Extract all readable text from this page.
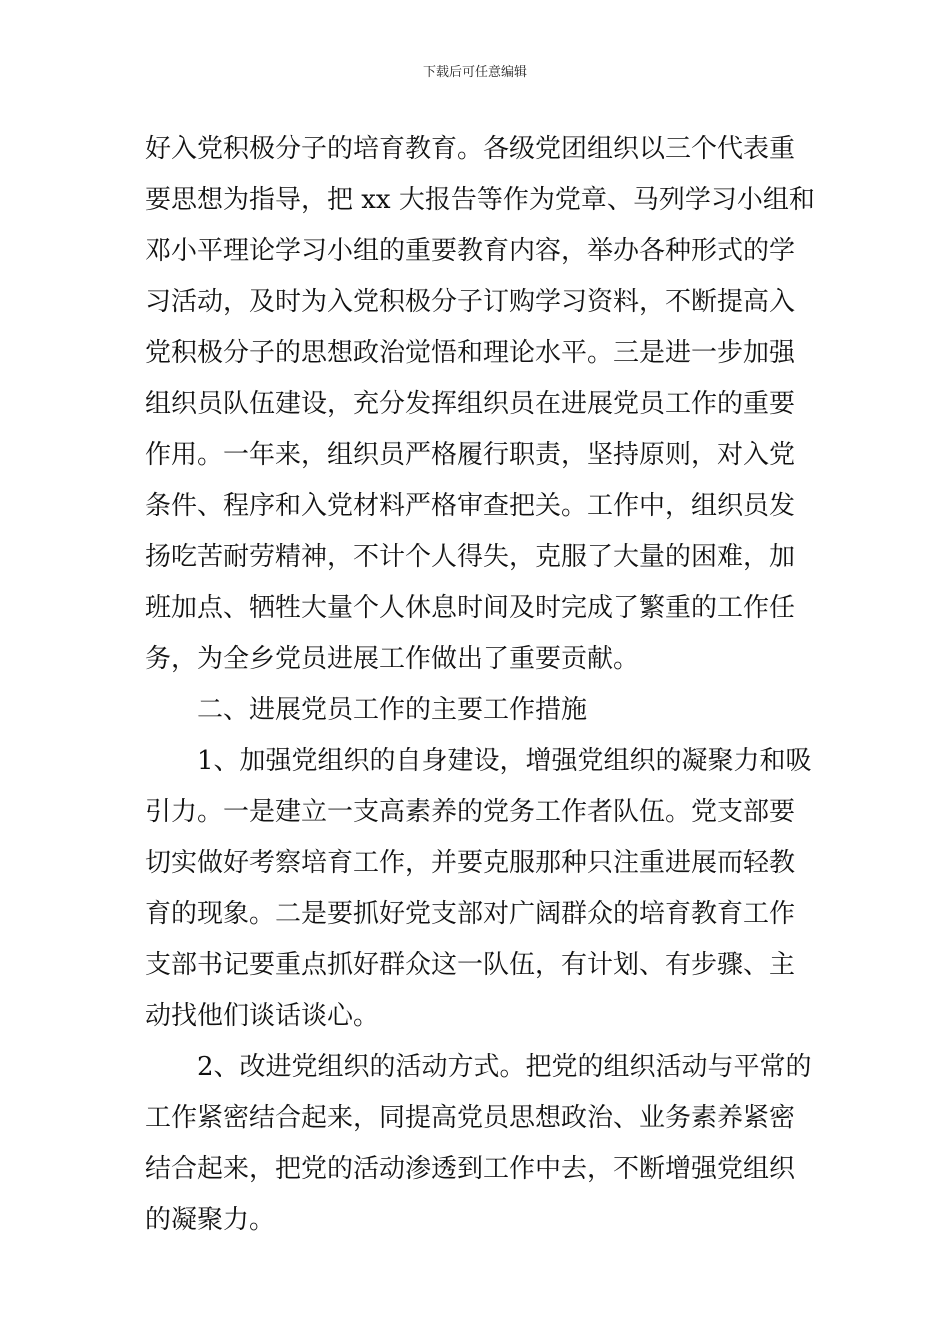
下载后可任意编辑
好入党积极分子的培育教育。各级党团组织以三个代表重
要思想为指导，把 xx 大报告等作为党章、马列学习小组和
邓小平理论学习小组的重要教育内容，举办各种形式的学
习活动，及时为入党积极分子订购学习资料，不断提高入
党积极分子的思想政治觉悟和理论水平。三是进一步加强
组织员队伍建设，充分发挥组织员在进展党员工作的重要
作用。一年来，组织员严格履行职责，坚持原则，对入党
条件、程序和入党材料严格审查把关。工作中，组织员发
扬吃苦耐劳精神，不计个人得失，克服了大量的困难，加
班加点、牺牲大量个人休息时间及时完成了繁重的工作任
务，为全乡党员进展工作做出了重要贡献。
二、进展党员工作的主要工作措施
1、加强党组织的自身建设，增强党组织的凝聚力和吸
引力。一是建立一支高素养的党务工作者队伍。党支部要
切实做好考察培育工作，并要克服那种只注重进展而轻教
育的现象。二是要抓好党支部对广阔群众的培育教育工作
支部书记要重点抓好群众这一队伍，有计划、有步骤、主
动找他们谈话谈心。
2、改进党组织的活动方式。把党的组织活动与平常的
工作紧密结合起来，同提高党员思想政治、业务素养紧密
结合起来，把党的活动渗透到工作中去，不断增强党组织
的凝聚力。
